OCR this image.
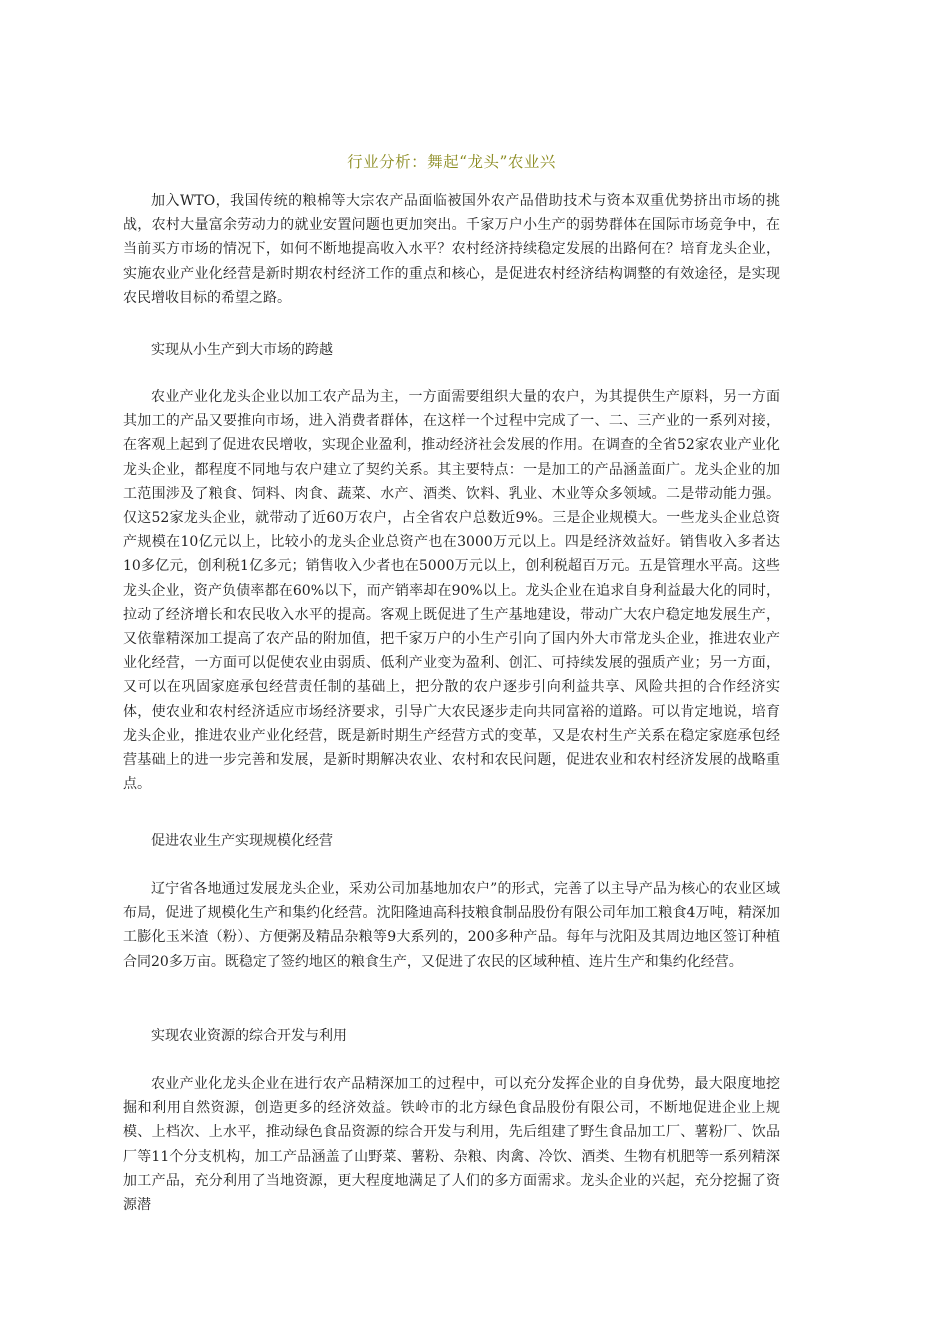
行业分析：舞起“龙头”农业兴

加入WTO，我国传统的粮棉等大宗农产品面临被国外农产品借助技术与资本双重优势挤出市场的挑战，农村大量富余劳动力的就业安置问题也更加突出。千家万户小生产的弱势群体在国际市场竞争中，在当前买方市场的情况下，如何不断地提高收入水平？农村经济持续稳定发展的出路何在？培育龙头企业，实施农业产业化经营是新时期农村经济工作的重点和核心，是促进农村经济结构调整的有效途径，是实现农民增收目标的希望之路。

实现从小生产到大市场的跨越

农业产业化龙头企业以加工农产品为主，一方面需要组织大量的农户，为其提供生产原料，另一方面其加工的产品又要推向市场，进入消费者群体，在这样一个过程中完成了一、二、三产业的一系列对接，在客观上起到了促进农民增收，实现企业盈利，推动经济社会发展的作用。在调查的全省52家农业产业化龙头企业，都程度不同地与农户建立了契约关系。其主要特点：一是加工的产品涵盖面广。龙头企业的加工范围涉及了粮食、饲料、肉食、蔬菜、水产、酒类、饮料、乳业、木业等众多领域。二是带动能力强。仅这52家龙头企业，就带动了近60万农户，占全省农户总数近9%。三是企业规模大。一些龙头企业总资产规模在10亿元以上，比较小的龙头企业总资产也在3000万元以上。四是经济效益好。销售收入多者达10多亿元，创利税1亿多元；销售收入少者也在5000万元以上，创利税超百万元。五是管理水平高。这些龙头企业，资产负债率都在60%以下，而产销率却在90%以上。龙头企业在追求自身利益最大化的同时，拉动了经济增长和农民收入水平的提高。客观上既促进了生产基地建设，带动广大农户稳定地发展生产，又依靠精深加工提高了农产品的附加值，把千家万户的小生产引向了国内外大市常龙头企业，推进农业产业化经营，一方面可以促使农业由弱质、低利产业变为盈利、创汇、可持续发展的强质产业；另一方面，又可以在巩固家庭承包经营责任制的基础上，把分散的农户逐步引向利益共享、风险共担的合作经济实体，使农业和农村经济适应市场经济要求，引导广大农民逐步走向共同富裕的道路。可以肯定地说，培育龙头企业，推进农业产业化经营，既是新时期生产经营方式的变革，又是农村生产关系在稳定家庭承包经营基础上的进一步完善和发展，是新时期解决农业、农村和农民问题，促进农业和农村经济发展的战略重点。

促进农业生产实现规模化经营

辽宁省各地通过发展龙头企业，采劝公司加基地加农户”的形式，完善了以主导产品为核心的农业区域布局，促进了规模化生产和集约化经营。沈阳隆迪高科技粮食制品股份有限公司年加工粮食4万吨，精深加工膨化玉米渣（粉）、方便粥及精品杂粮等9大系列的，200多种产品。每年与沈阳及其周边地区签订种植合同20多万亩。既稳定了签约地区的粮食生产，又促进了农民的区域种植、连片生产和集约化经营。

实现农业资源的综合开发与利用

农业产业化龙头企业在进行农产品精深加工的过程中，可以充分发挥企业的自身优势，最大限度地挖掘和利用自然资源，创造更多的经济效益。铁岭市的北方绿色食品股份有限公司，不断地促进企业上规模、上档次、上水平，推动绿色食品资源的综合开发与利用，先后组建了野生食品加工厂、薯粉厂、饮品厂等11个分支机构，加工产品涵盖了山野菜、薯粉、杂粮、肉禽、冷饮、酒类、生物有机肥等一系列精深加工产品，充分利用了当地资源，更大程度地满足了人们的多方面需求。龙头企业的兴起，充分挖掘了资源潜
